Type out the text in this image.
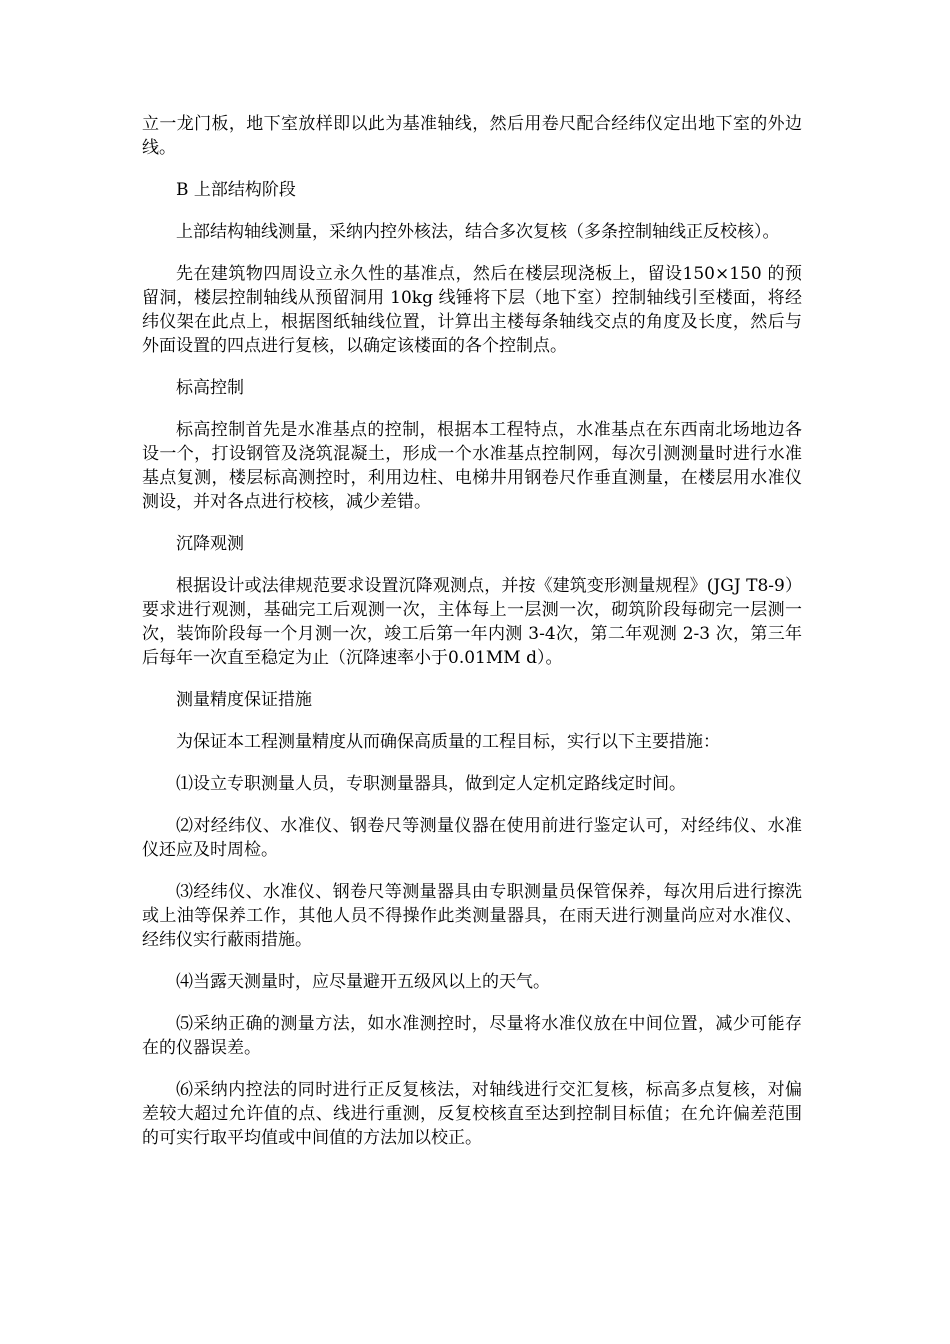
立一龙门板，地下室放样即以此为基准轴线，然后用卷尺配合经纬仪定出地下室的外边线。

B 上部结构阶段

上部结构轴线测量，采纳内控外核法，结合多次复核（多条控制轴线正反校核）。

先在建筑物四周设立永久性的基准点，然后在楼层现浇板上，留设150×150 的预留洞，楼层控制轴线从预留洞用 10kg 线锤将下层（地下室）控制轴线引至楼面，将经纬仪架在此点上，根据图纸轴线位置，计算出主楼每条轴线交点的角度及长度，然后与外面设置的四点进行复核，以确定该楼面的各个控制点。

标高控制

标高控制首先是水准基点的控制，根据本工程特点，水准基点在东西南北场地边各设一个，打设钢管及浇筑混凝土，形成一个水准基点控制网，每次引测测量时进行水准基点复测，楼层标高测控时，利用边柱、电梯井用钢卷尺作垂直测量，在楼层用水准仪测设，并对各点进行校核，减少差错。

沉降观测

根据设计或法律规范要求设置沉降观测点，并按《建筑变形测量规程》(JGJ T8-9）要求进行观测，基础完工后观测一次，主体每上一层测一次，砌筑阶段每砌完一层测一次，装饰阶段每一个月测一次，竣工后第一年内测 3-4次，第二年观测 2-3 次，第三年后每年一次直至稳定为止（沉降速率小于0.01MM d）。

测量精度保证措施

为保证本工程测量精度从而确保高质量的工程目标，实行以下主要措施：

⑴设立专职测量人员，专职测量器具，做到定人定机定路线定时间。

⑵对经纬仪、水准仪、钢卷尺等测量仪器在使用前进行鉴定认可，对经纬仪、水准仪还应及时周检。

⑶经纬仪、水准仪、钢卷尺等测量器具由专职测量员保管保养，每次用后进行擦洗或上油等保养工作，其他人员不得操作此类测量器具，在雨天进行测量尚应对水准仪、经纬仪实行蔽雨措施。

⑷当露天测量时，应尽量避开五级风以上的天气。

⑸采纳正确的测量方法，如水准测控时，尽量将水准仪放在中间位置，减少可能存在的仪器误差。

⑹采纳内控法的同时进行正反复核法，对轴线进行交汇复核，标高多点复核，对偏差较大超过允许值的点、线进行重测，反复校核直至达到控制目标值；在允许偏差范围的可实行取平均值或中间值的方法加以校正。
